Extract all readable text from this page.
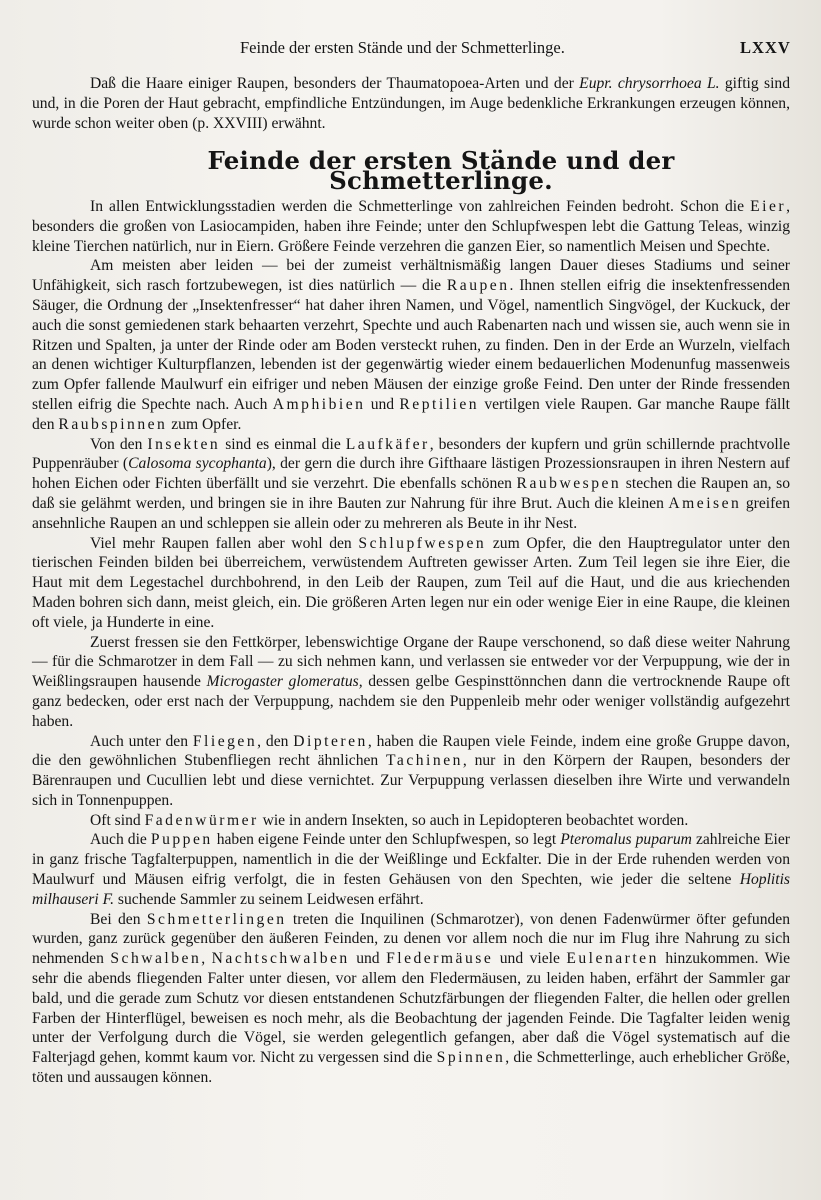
Feinde der ersten Stände und der Schmetterlinge.	LXXV

Daß die Haare einiger Raupen, besonders der Thaumatopoea-Arten und der Eupr. chrysorrhoea L. giftig sind und, in die Poren der Haut gebracht, empfindliche Entzündungen, im Auge bedenkliche Erkrankungen erzeugen können, wurde schon weiter oben (p. XXVIII) erwähnt.

Feinde der ersten Stände und der Schmetterlinge.

In allen Entwicklungsstadien werden die Schmetterlinge von zahlreichen Feinden bedroht. Schon die Eier, besonders die großen von Lasiocampiden, haben ihre Feinde; unter den Schlupfwespen lebt die Gattung Teleas, winzig kleine Tierchen natürlich, nur in Eiern. Größere Feinde verzehren die ganzen Eier, so namentlich Meisen und Spechte.

Am meisten aber leiden — bei der zumeist verhältnismäßig langen Dauer dieses Stadiums und seiner Unfähigkeit, sich rasch fortzubewegen, ist dies natürlich — die Raupen. Ihnen stellen eifrig die insektenfressenden Säuger, die Ordnung der „Insektenfresser“ hat daher ihren Namen, und Vögel, namentlich Singvögel, der Kuckuck, der auch die sonst gemiedenen stark behaarten verzehrt, Spechte und auch Rabenarten nach und wissen sie, auch wenn sie in Ritzen und Spalten, ja unter der Rinde oder am Boden versteckt ruhen, zu finden. Den in der Erde an Wurzeln, vielfach an denen wichtiger Kulturpflanzen, lebenden ist der gegenwärtig wieder einem bedauerlichen Modenunfug massenweis zum Opfer fallende Maulwurf ein eifriger und neben Mäusen der einzige große Feind. Den unter der Rinde fressenden stellen eifrig die Spechte nach. Auch Amphibien und Reptilien vertilgen viele Raupen. Gar manche Raupe fällt den Raubspinnen zum Opfer.

Von den Insekten sind es einmal die Laufkäfer, besonders der kupfern und grün schillernde prachtvolle Puppenräuber (Calosoma sycophanta), der gern die durch ihre Gifthaare lästigen Prozessionsraupen in ihren Nestern auf hohen Eichen oder Fichten überfällt und sie verzehrt. Die ebenfalls schönen Raubwespen stechen die Raupen an, so daß sie gelähmt werden, und bringen sie in ihre Bauten zur Nahrung für ihre Brut. Auch die kleinen Ameisen greifen ansehnliche Raupen an und schleppen sie allein oder zu mehreren als Beute in ihr Nest.

Viel mehr Raupen fallen aber wohl den Schlupfwespen zum Opfer, die den Hauptregulator unter den tierischen Feinden bilden bei überreichem, verwüstendem Auftreten gewisser Arten. Zum Teil legen sie ihre Eier, die Haut mit dem Legestachel durchbohrend, in den Leib der Raupen, zum Teil auf die Haut, und die aus kriechenden Maden bohren sich dann, meist gleich, ein. Die größeren Arten legen nur ein oder wenige Eier in eine Raupe, die kleinen oft viele, ja Hunderte in eine.

Zuerst fressen sie den Fettkörper, lebenswichtige Organe der Raupe verschonend, so daß diese weiter Nahrung — für die Schmarotzer in dem Fall — zu sich nehmen kann, und verlassen sie entweder vor der Verpuppung, wie der in Weißlingsraupen hausende Microgaster glomeratus, dessen gelbe Gespinsttönnchen dann die vertrocknende Raupe oft ganz bedecken, oder erst nach der Verpuppung, nachdem sie den Puppenleib mehr oder weniger vollständig aufgezehrt haben.

Auch unter den Fliegen, den Dipteren, haben die Raupen viele Feinde, indem eine große Gruppe davon, die den gewöhnlichen Stubenfliegen recht ähnlichen Tachinen, nur in den Körpern der Raupen, besonders der Bärenraupen und Cucullien lebt und diese vernichtet. Zur Verpuppung verlassen dieselben ihre Wirte und verwandeln sich in Tonnenpuppen.

Oft sind Fadenwürmer wie in andern Insekten, so auch in Lepidopteren beobachtet worden.

Auch die Puppen haben eigene Feinde unter den Schlupfwespen, so legt Pteromalus puparum zahlreiche Eier in ganz frische Tagfalterpuppen, namentlich in die der Weißlinge und Eckfalter. Die in der Erde ruhenden werden von Maulwurf und Mäusen eifrig verfolgt, die in festen Gehäusen von den Spechten, wie jeder die seltene Hoplitis milhauseri F. suchende Sammler zu seinem Leidwesen erfährt.

Bei den Schmetterlingen treten die Inquilinen (Schmarotzer), von denen Fadenwürmer öfter gefunden wurden, ganz zurück gegenüber den äußeren Feinden, zu denen vor allem noch die nur im Flug ihre Nahrung zu sich nehmenden Schwalben, Nachtschwalben und Fledermäuse und viele Eulenarten hinzukommen. Wie sehr die abends fliegenden Falter unter diesen, vor allem den Fledermäusen, zu leiden haben, erfährt der Sammler gar bald, und die gerade zum Schutz vor diesen entstandenen Schutzfärbungen der fliegenden Falter, die hellen oder grellen Farben der Hinterflügel, beweisen es noch mehr, als die Beobachtung der jagenden Feinde. Die Tagfalter leiden wenig unter der Verfolgung durch die Vögel, sie werden gelegentlich gefangen, aber daß die Vögel systematisch auf die Falterjagd gehen, kommt kaum vor. Nicht zu vergessen sind die Spinnen, die Schmetterlinge, auch erheblicher Größe, töten und aussaugen können.
